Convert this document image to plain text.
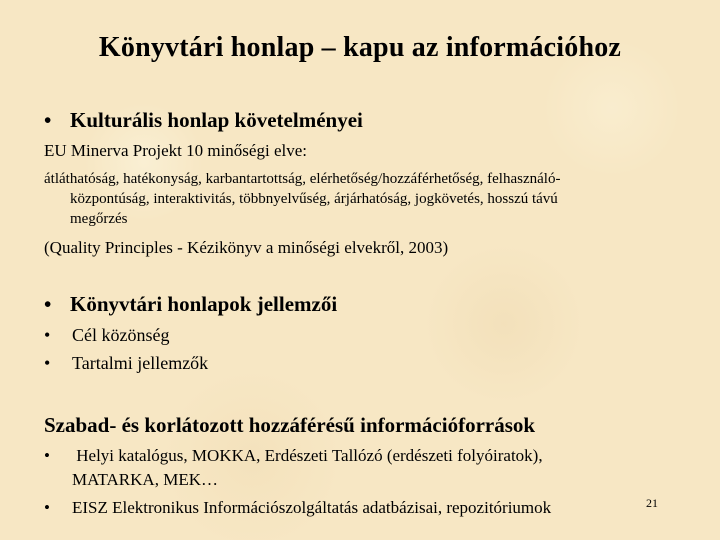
Könyvtári honlap – kapu az információhoz
• Kulturális honlap követelményei
EU Minerva Projekt 10 minőségi elve:
átláthatóság, hatékonyság, karbantartottság, elérhetőség/hozzáférhetőség, felhasználó-
központúság, interaktivitás, többnyelvűség, árjárhatóság, jogkövetés, hosszú távú
megőrzés
(Quality Principles - Kézikönyv a minőségi elvekről, 2003)
• Könyvtári honlapok jellemzői
• Cél közönség
• Tartalmi jellemzők
Szabad- és korlátozott hozzáférésű információforrások
• Helyi katalógus, MOKKA, Erdészeti Tallózó (erdészeti folyóiratok),
MATARKA, MEK…
• EISZ Elektronikus Információszolgáltatás adatbázisai, repozitóriumok	21
